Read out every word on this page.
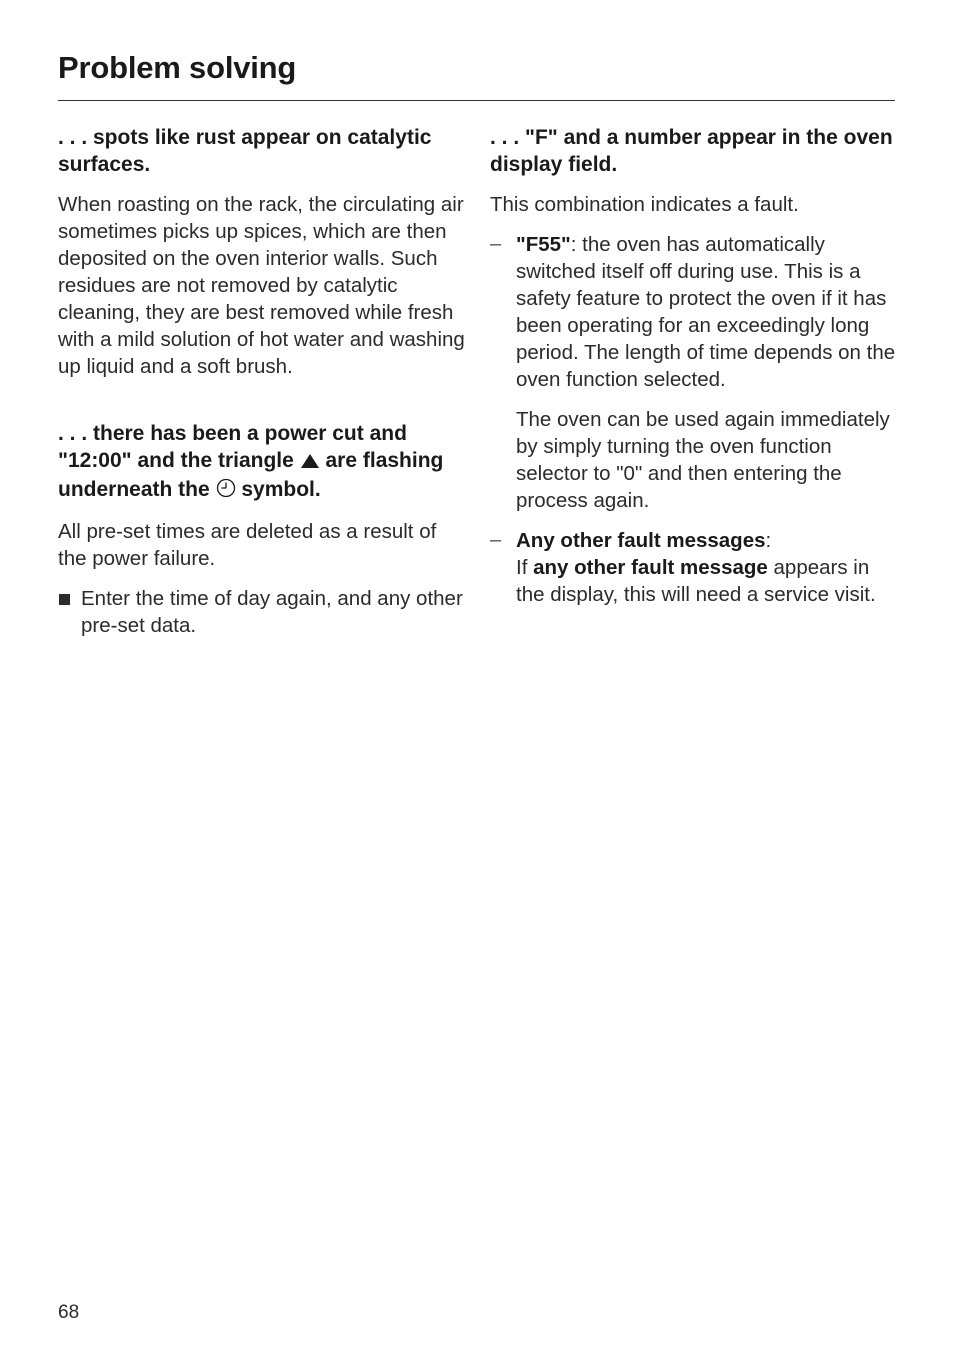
Problem solving
. . . spots like rust appear on catalytic surfaces.

When roasting on the rack, the circulating air sometimes picks up spices, which are then deposited on the oven interior walls. Such residues are not removed by catalytic cleaning, they are best removed while fresh with a mild solution of hot water and washing up liquid and a soft brush.

. . . there has been a power cut and "12:00" and the triangle are flashing underneath the symbol.

All pre-set times are deleted as a result of the power failure.

Enter the time of day again, and any other pre-set data.

. . . "F" and a number appear in the oven display field.

This combination indicates a fault.

– "F55": the oven has automatically switched itself off during use. This is a safety feature to protect the oven if it has been operating for an exceedingly long period. The length of time depends on the oven function selected.

The oven can be used again immediately by simply turning the oven function selector to "0" and then entering the process again.

– Any other fault messages:
If any other fault message appears in the display, this will need a service visit.

68
